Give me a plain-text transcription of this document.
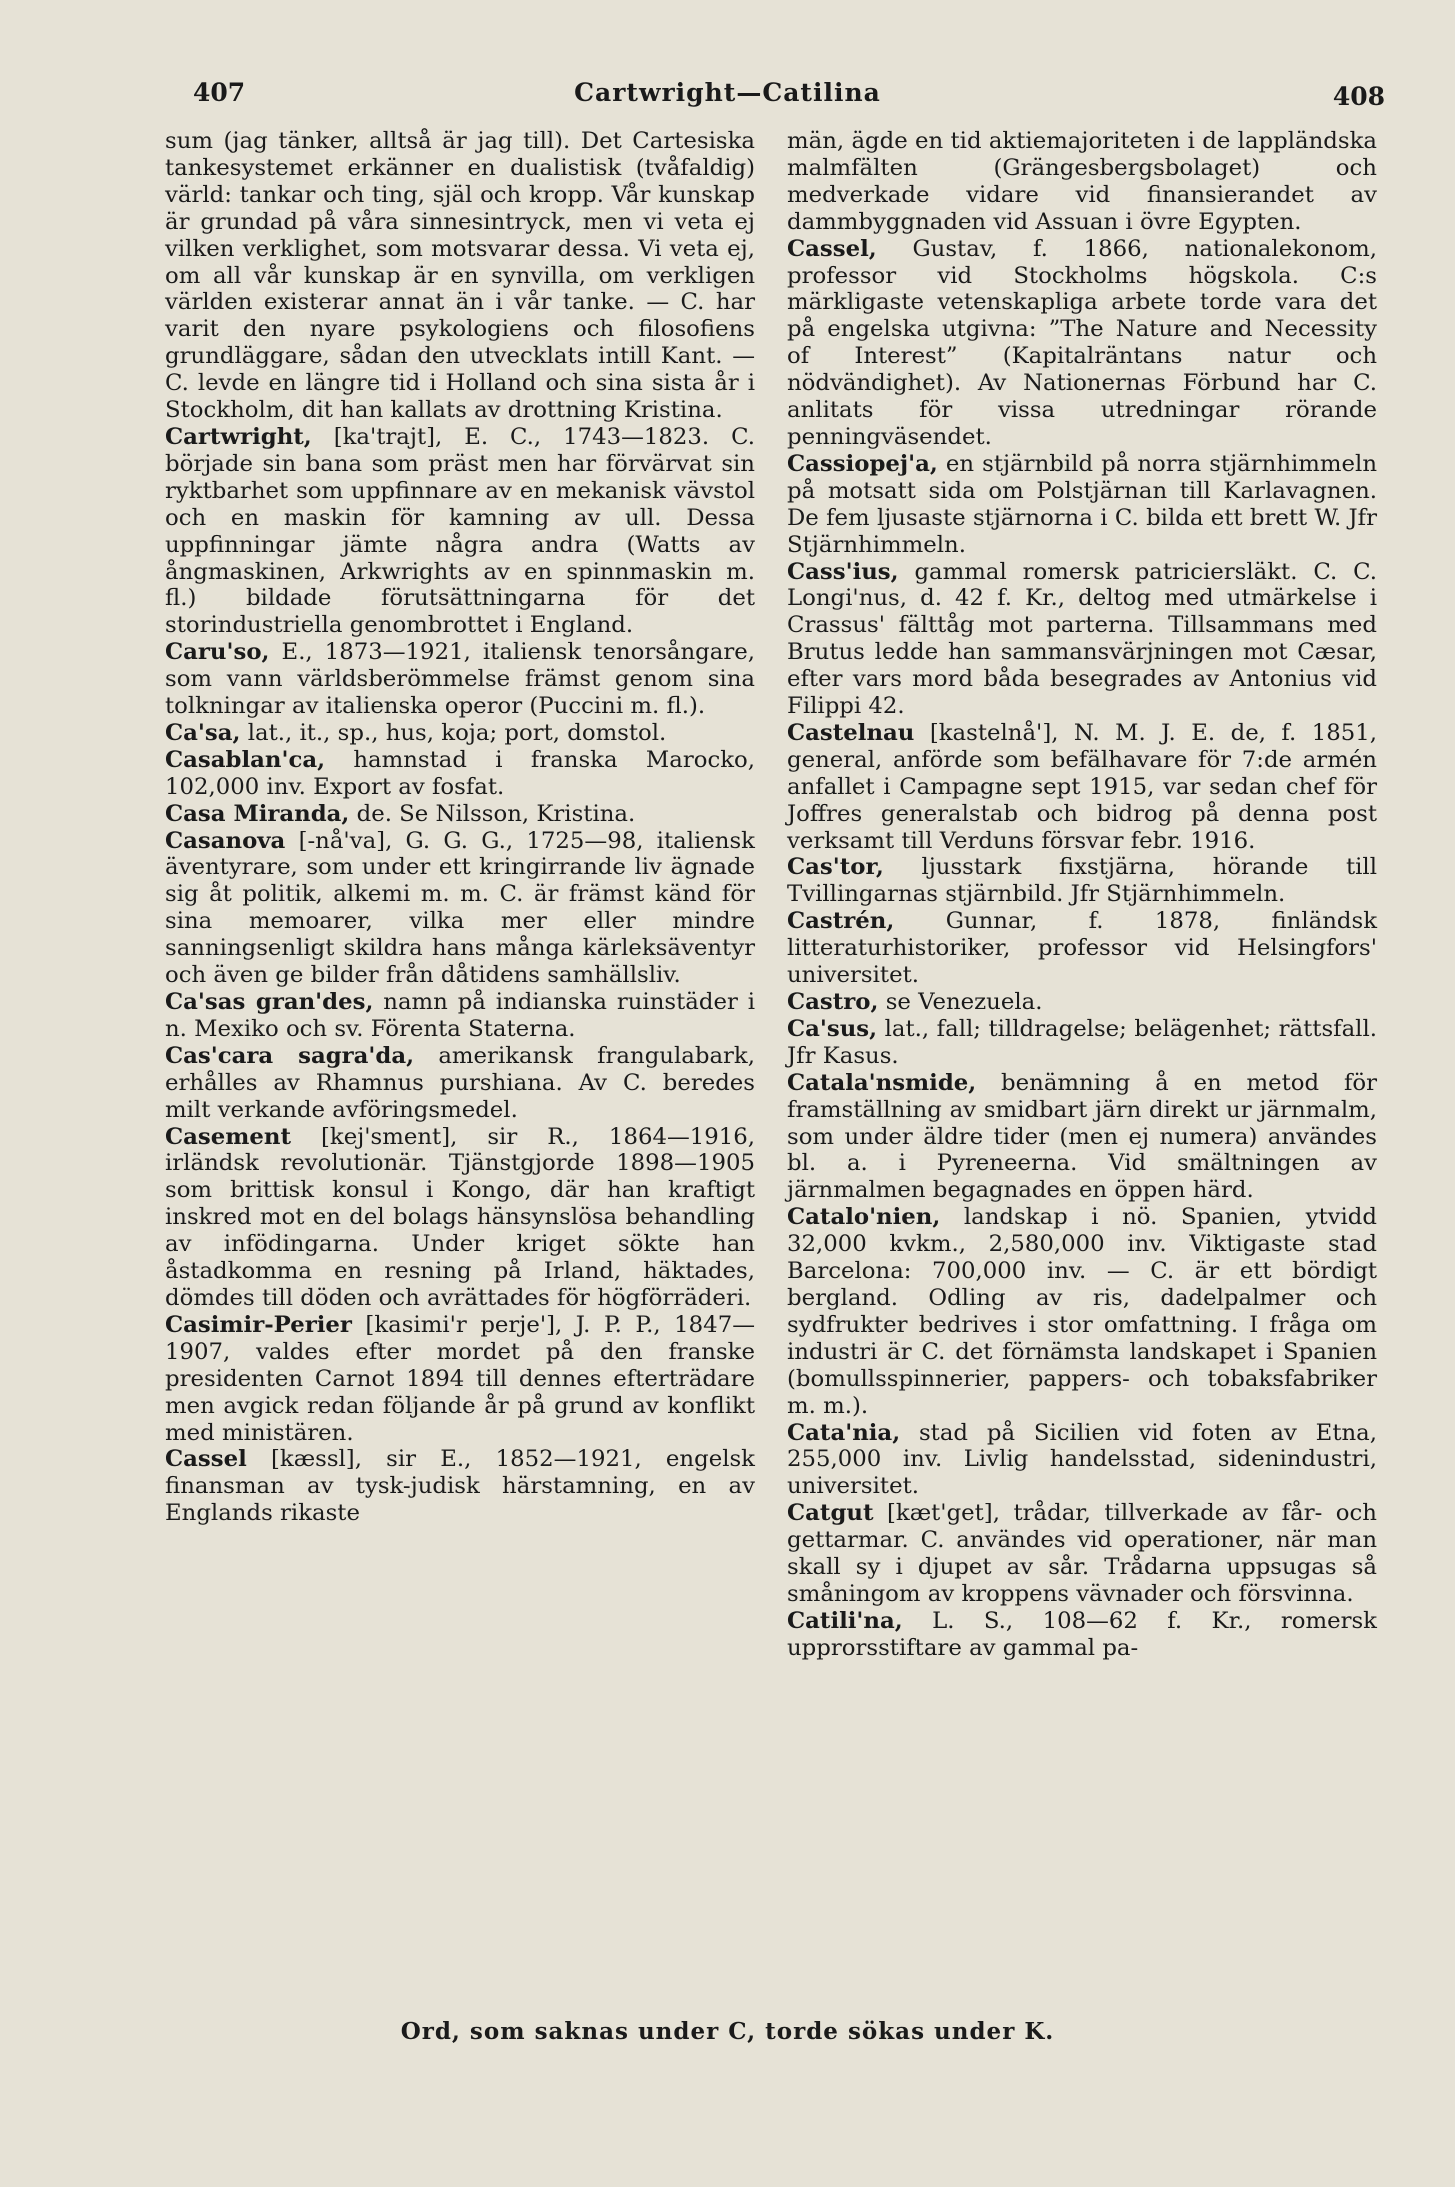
407	Cartwright—Catilina	408

sum (jag tänker, alltså är jag till). Det Cartesiska tankesystemet erkänner en dualistisk (tvåfaldig) värld: tankar och ting, själ och kropp. Vår kunskap är grundad på våra sinnesintryck, men vi veta ej vilken verklighet, som motsvarar dessa. Vi veta ej, om all vår kunskap är en synvilla, om verkligen världen existerar annat än i vår tanke. — C. har varit den nyare psykologiens och filosofiens grundläggare, sådan den utvecklats intill Kant. — C. levde en längre tid i Holland och sina sista år i Stockholm, dit han kallats av drottning Kristina.

Cartwright, [ka'trajt], E. C., 1743—1823. C. började sin bana som präst men har förvärvat sin ryktbarhet som uppfinnare av en mekanisk vävstol och en maskin för kamning av ull. Dessa uppfinningar jämte några andra (Watts av ångmaskinen, Arkwrights av en spinnmaskin m. fl.) bildade förutsättningarna för det storindustriella genombrottet i England.

Caru'so, E., 1873—1921, italiensk tenorsångare, som vann världsberömmelse främst genom sina tolkningar av italienska operor (Puccini m. fl.).

Ca'sa, lat., it., sp., hus, koja; port, domstol.

Casablan'ca, hamnstad i franska Marocko, 102,000 inv. Export av fosfat.

Casa Miranda, de. Se Nilsson, Kristina.

Casanova [-nå'va], G. G. G., 1725—98, italiensk äventyrare, som under ett kringirrande liv ägnade sig åt politik, alkemi m. m. C. är främst känd för sina memoarer, vilka mer eller mindre sanningsenligt skildra hans många kärleksäventyr och även ge bilder från dåtidens samhällsliv.

Ca'sas gran'des, namn på indianska ruinstäder i n. Mexiko och sv. Förenta Staterna.

Cas'cara sagra'da, amerikansk frangulabark, erhålles av Rhamnus purshiana. Av C. beredes milt verkande avföringsmedel.

Casement [kej'sment], sir R., 1864—1916, irländsk revolutionär. Tjänstgjorde 1898—1905 som brittisk konsul i Kongo, där han kraftigt inskred mot en del bolags hänsynslösa behandling av infödingarna. Under kriget sökte han åstadkomma en resning på Irland, häktades, dömdes till döden och avrättades för högförräderi.

Casimir-Perier [kasimi'r perje'], J. P. P., 1847—1907, valdes efter mordet på den franske presidenten Carnot 1894 till dennes efterträdare men avgick redan följande år på grund av konflikt med ministären.

Cassel [kæssl], sir E., 1852—1921, engelsk finansman av tysk-judisk härstamning, en av Englands rikaste

män, ägde en tid aktiemajoriteten i de lappländska malmfälten (Grängesbergsbolaget) och medverkade vidare vid finansierandet av dammbyggnaden vid Assuan i övre Egypten.

Cassel, Gustav, f. 1866, nationalekonom, professor vid Stockholms högskola. C:s märkligaste vetenskapliga arbete torde vara det på engelska utgivna: ”The Nature and Necessity of Interest” (Kapitalräntans natur och nödvändighet). Av Nationernas Förbund har C. anlitats för vissa utredningar rörande penningväsendet.

Cassiopej'a, en stjärnbild på norra stjärnhimmeln på motsatt sida om Polstjärnan till Karlavagnen. De fem ljusaste stjärnorna i C. bilda ett brett W. Jfr Stjärnhimmeln.

Cass'ius, gammal romersk patriciersläkt. C. C. Longi'nus, d. 42 f. Kr., deltog med utmärkelse i Crassus' fälttåg mot parterna. Tillsammans med Brutus ledde han sammansvärjningen mot Cæsar, efter vars mord båda besegrades av Antonius vid Filippi 42.

Castelnau [kastelnå'], N. M. J. E. de, f. 1851, general, anförde som befälhavare för 7:de armén anfallet i Campagne sept 1915, var sedan chef för Joffres generalstab och bidrog på denna post verksamt till Verduns försvar febr. 1916.

Cas'tor, ljusstark fixstjärna, hörande till Tvillingarnas stjärnbild. Jfr Stjärnhimmeln.

Castrén, Gunnar, f. 1878, finländsk litteraturhistoriker, professor vid Helsingfors' universitet.

Castro, se Venezuela.

Ca'sus, lat., fall; tilldragelse; belägenhet; rättsfall. Jfr Kasus.

Catala'nsmide, benämning å en metod för framställning av smidbart järn direkt ur järnmalm, som under äldre tider (men ej numera) användes bl. a. i Pyreneerna. Vid smältningen av järnmalmen begagnades en öppen härd.

Catalo'nien, landskap i nö. Spanien, ytvidd 32,000 kvkm., 2,580,000 inv. Viktigaste stad Barcelona: 700,000 inv. — C. är ett bördigt bergland. Odling av ris, dadelpalmer och sydfrukter bedrives i stor omfattning. I fråga om industri är C. det förnämsta landskapet i Spanien (bomullsspinnerier, pappers- och tobaksfabriker m. m.).

Cata'nia, stad på Sicilien vid foten av Etna, 255,000 inv. Livlig handelsstad, sidenindustri, universitet.

Catgut [kæt'get], trådar, tillverkade av får- och gettarmar. C. användes vid operationer, när man skall sy i djupet av sår. Trådarna uppsugas så småningom av kroppens vävnader och försvinna.

Catili'na, L. S., 108—62 f. Kr., romersk upprorsstiftare av gammal pa-

Ord, som saknas under C, torde sökas under K.
